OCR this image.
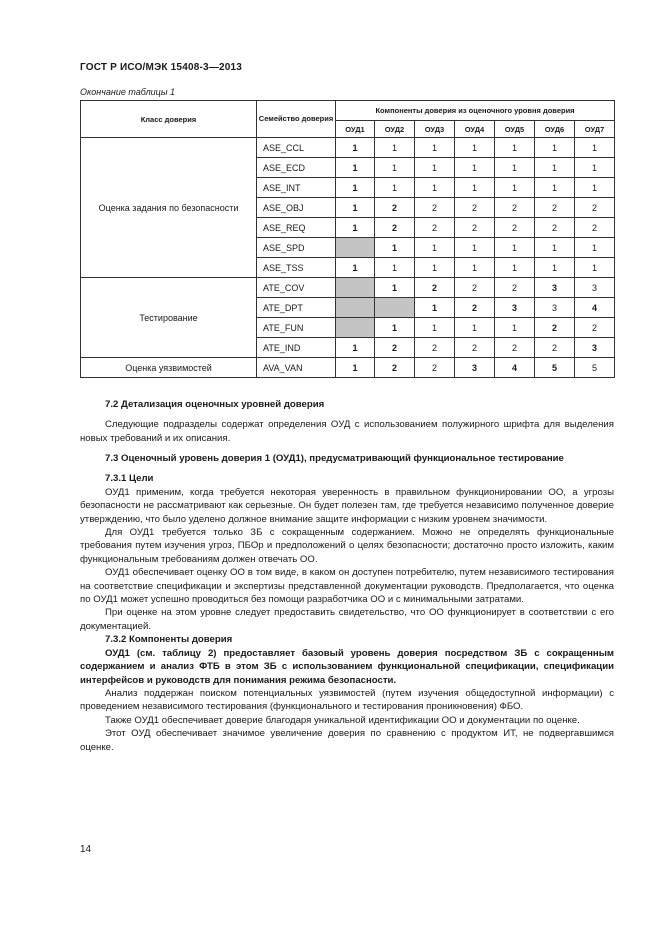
ГОСТ Р ИСО/МЭК 15408-3—2013
Окончание таблицы 1
Класс доверия	Семейство доверия	Компоненты доверия из оценочного уровня доверия						
		ОУД1	ОУД2	ОУД3	ОУД4	ОУД5	ОУД6	ОУД7
Оценка задания по безопасности	ASE_CCL	1	1	1	1	1	1	1
	ASE_ECD	1	1	1	1	1	1	1
	ASE_INT	1	1	1	1	1	1	1
	ASE_OBJ	1	2	2	2	2	2	2
	ASE_REQ	1	2	2	2	2	2	2
	ASE_SPD		1	1	1	1	1	1
	ASE_TSS	1	1	1	1	1	1	1
Тестирование	ATE_COV		1	2	2	2	3	3
	ATE_DPT			1	2	3	3	4
	ATE_FUN		1	1	1	1	2	2
	ATE_IND	1	2	2	2	2	2	3
Оценка уязвимостей	AVA_VAN	1	2	2	3	4	5	5
7.2 Детализация оценочных уровней доверия

Следующие подразделы содержат определения ОУД с использованием полужирного шрифта для выделения новых требований и их описания.

7.3 Оценочный уровень доверия 1 (ОУД1), предусматривающий функциональное тестирование
7.3.1 Цели

ОУД1 применим, когда требуется некоторая уверенность в правильном функционировании ОО, а угрозы безопасности не рассматривают как серьезные. Он будет полезен там, где требуется независимо полученное доверие утверждению, что было уделено должное внимание защите информации с низким уровнем значимости.

Для ОУД1 требуется только ЗБ с сокращенным содержанием. Можно не определять функциональные требования путем изучения угроз, ПБОр и предположений о целях безопасности; достаточно просто изложить, каким функциональным требованиям должен отвечать ОО.

ОУД1 обеспечивает оценку ОО в том виде, в каком он доступен потребителю, путем независимого тестирования на соответствие спецификации и экспертизы представленной документации руководств. Предполагается, что оценка по ОУД1 может успешно проводиться без помощи разработчика ОО и с минимальными затратами.

При оценке на этом уровне следует предоставить свидетельство, что ОО функционирует в соответствии с его документацией.

7.3.2 Компоненты доверия

ОУД1 (см. таблицу 2) предоставляет базовый уровень доверия посредством ЗБ с сокращенным содержанием и анализ ФТБ в этом ЗБ с использованием функциональной спецификации, спецификации интерфейсов и руководств для понимания режима безопасности.

Анализ поддержан поиском потенциальных уязвимостей (путем изучения общедоступной информации) с проведением независимого тестирования (функционального и тестирования проникновения) ФБО.

Также ОУД1 обеспечивает доверие благодаря уникальной идентификации ОО и документации по оценке.

Этот ОУД обеспечивает значимое увеличение доверия по сравнению с продуктом ИТ, не подвергавшимся оценке.

14
